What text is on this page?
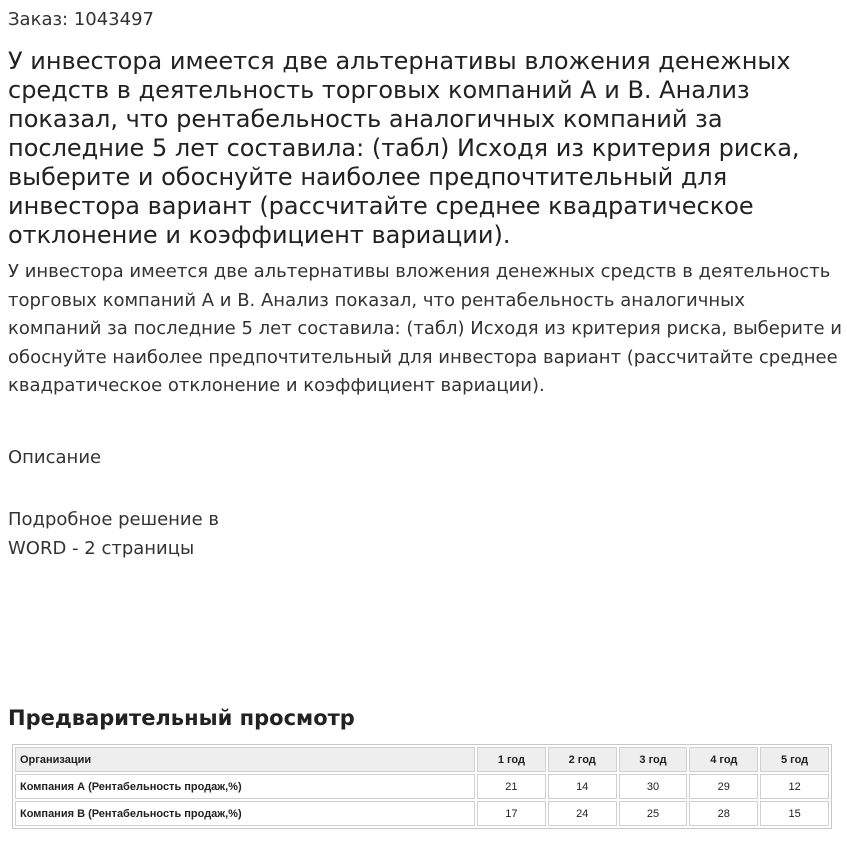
Заказ: 1043497
У инвестора имеется две альтернативы вложения денежных средств в деятельность торговых компаний А и В. Анализ показал, что рентабельность аналогичных компаний за последние 5 лет составила: (табл) Исходя из критерия риска, выберите и обоснуйте наиболее предпочтительный для инвестора вариант (рассчитайте среднее квадратическое отклонение и коэффициент вариации).

У инвестора имеется две альтернативы вложения денежных средств в деятельность торговых компаний А и В. Анализ показал, что рентабельность аналогичных компаний за последние 5 лет составила: (табл) Исходя из критерия риска, выберите и обоснуйте наиболее предпочтительный для инвестора вариант (рассчитайте среднее квадратическое отклонение и коэффициент вариации).

Описание
Подробное решение в WORD - 2 страницы
Предварительный просмотр
Организации	1 год	2 год	3 год	4 год	5 год
Компания А (Рентабельность продаж,%)	21	14	30	29	12
Компания В (Рентабельность продаж,%)	17	24	25	28	15
